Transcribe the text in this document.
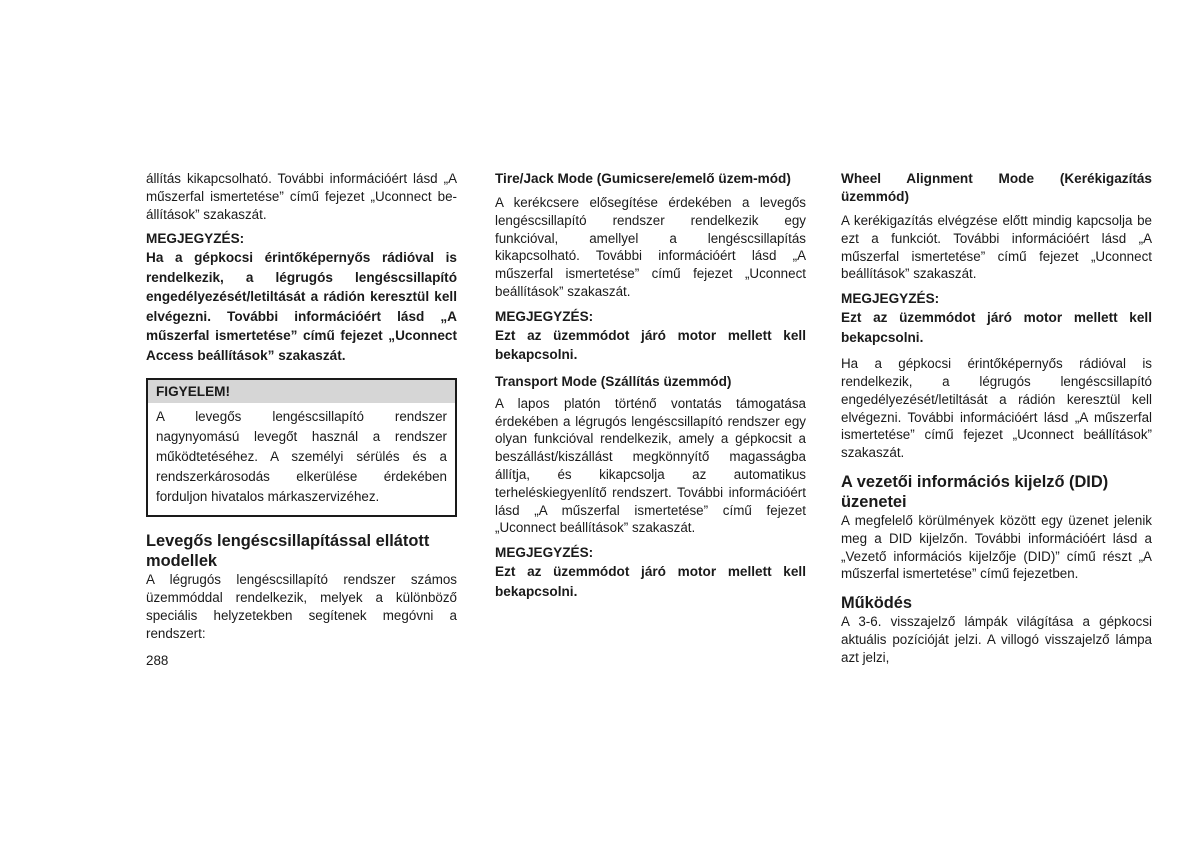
állítás kikapcsolható. További információért lásd „A műszerfal ismertetése” című fejezet „Uconnect be-állítások” szakaszát.

MEGJEGYZÉS:

Ha a gépkocsi érintőképernyős rádióval is rendelkezik, a légrugós lengéscsillapító engedélyezését/letiltását a rádión keresztül kell elvégezni. További információért lásd „A műszerfal ismertetése” című fejezet „Uconnect Access beállítások” szakaszát.

FIGYELEM!

A levegős lengéscsillapító rendszer nagynyomású levegőt használ a rendszer működtetéséhez. A személyi sérülés és a rendszerkárosodás elkerülése érdekében forduljon hivatalos márkaszervizéhez.

Levegős lengéscsillapítással ellátott modellek

A légrugós lengéscsillapító rendszer számos üzemmóddal rendelkezik, melyek a különböző speciális helyzetekben segítenek megóvni a rendszert:

Tire/Jack Mode (Gumicsere/emelő üzem-mód)

A kerékcsere elősegítése érdekében a levegős lengéscsillapító rendszer rendelkezik egy funkcióval, amellyel a lengéscsillapítás kikapcsolható. További információért lásd „A műszerfal ismertetése” című fejezet „Uconnect beállítások” szakaszát.

MEGJEGYZÉS:

Ezt az üzemmódot járó motor mellett kell bekapcsolni.

Transport Mode (Szállítás üzemmód)

A lapos platón történő vontatás támogatása érdekében a légrugós lengéscsillapító rendszer egy olyan funkcióval rendelkezik, amely a gépkocsit a beszállást/kiszállást megkönnyítő magasságba állítja, és kikapcsolja az automatikus terheléskiegyenlítő rendszert. További információért lásd „A műszerfal ismertetése” című fejezet „Uconnect beállítások” szakaszát.

MEGJEGYZÉS:

Ezt az üzemmódot járó motor mellett kell bekapcsolni.

Wheel Alignment Mode (Kerékigazítás üzemmód)

A kerékigazítás elvégzése előtt mindig kapcsolja be ezt a funkciót. További információért lásd „A műszerfal ismertetése” című fejezet „Uconnect beállítások” szakaszát.

MEGJEGYZÉS:

Ezt az üzemmódot járó motor mellett kell bekapcsolni.

Ha a gépkocsi érintőképernyős rádióval is rendelkezik, a légrugós lengéscsillapító engedélyezését/letiltását a rádión keresztül kell elvégezni. További információért lásd „A műszerfal ismertetése” című fejezet „Uconnect beállítások” szakaszát.

A vezetői információs kijelző (DID) üzenetei

A megfelelő körülmények között egy üzenet jelenik meg a DID kijelzőn. További információért lásd a „Vezető információs kijelzője (DID)” című részt „A műszerfal ismertetése” című fejezetben.

Működés

A 3-6. visszajelző lámpák világítása a gépkocsi aktuális pozícióját jelzi. A villogó visszajelző lámpa azt jelzi,

288
